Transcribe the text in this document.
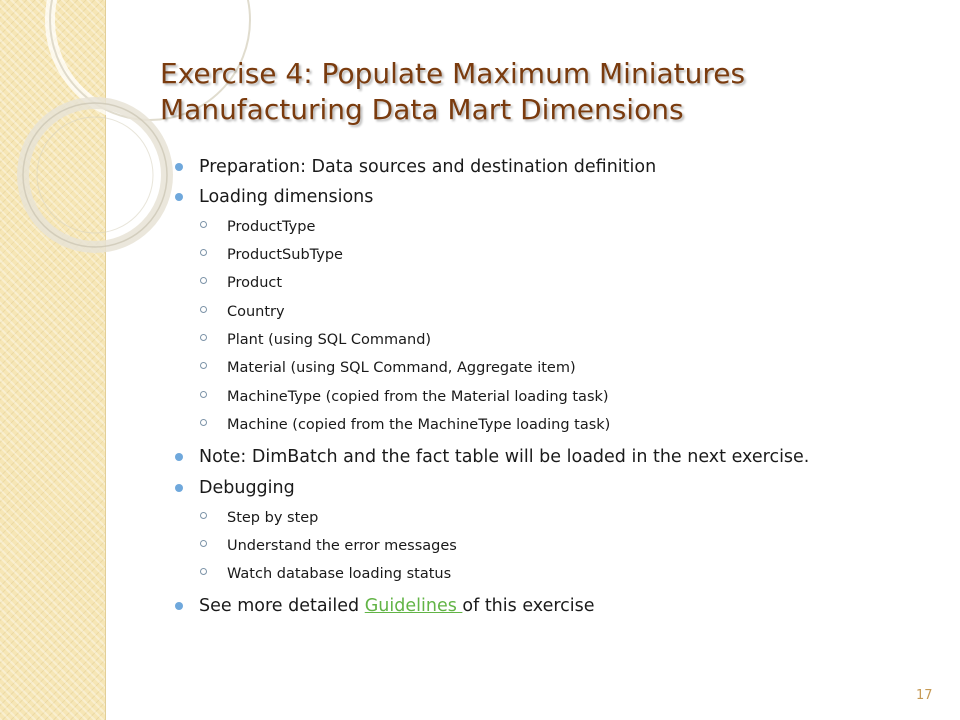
Exercise 4: Populate Maximum Miniatures
Manufacturing Data Mart Dimensions
Preparation: Data sources and destination definition
Loading dimensions
ProductType
ProductSubType
Product
Country
Plant (using SQL Command)
Material (using SQL Command, Aggregate item)
MachineType (copied from the Material loading task)
Machine (copied from the MachineType loading task)
Note: DimBatch and the fact table will be loaded in the next exercise.
Debugging
Step by step
Understand the error messages
Watch database loading status
See more detailed Guidelines of this exercise
17
